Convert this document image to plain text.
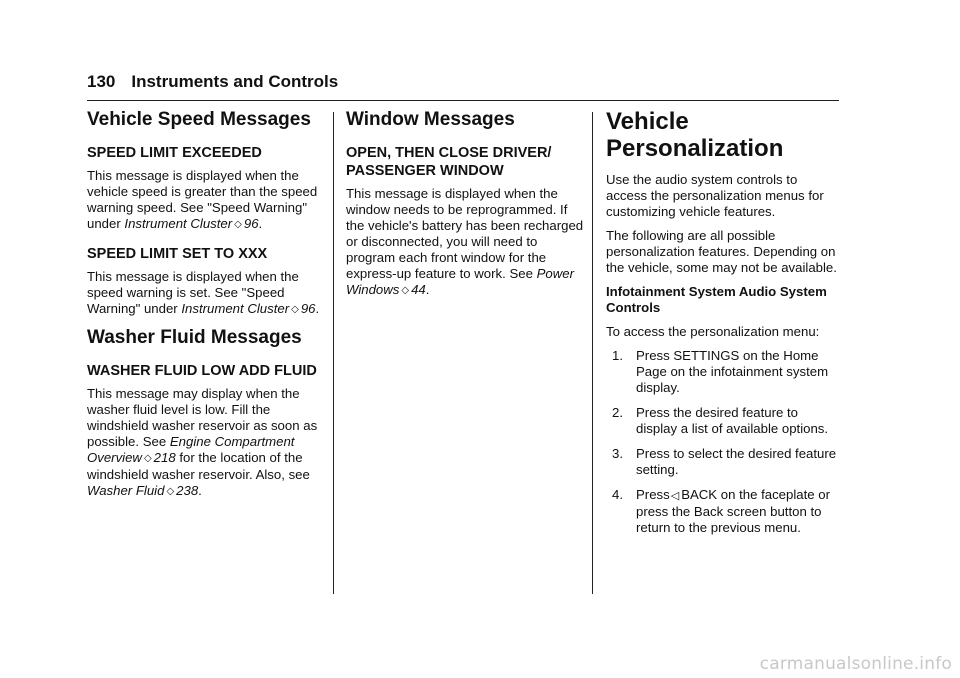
130 Instruments and Controls
Vehicle Speed Messages
SPEED LIMIT EXCEEDED

This message is displayed when the vehicle speed is greater than the speed warning speed. See "Speed Warning" under Instrument Cluster ◇ 96.

SPEED LIMIT SET TO XXX

This message is displayed when the speed warning is set. See "Speed Warning" under Instrument Cluster ◇ 96.

Washer Fluid Messages
WASHER FLUID LOW ADD FLUID

This message may display when the washer fluid level is low. Fill the windshield washer reservoir as soon as possible. See Engine Compartment Overview ◇ 218 for the location of the windshield washer reservoir. Also, see Washer Fluid ◇ 238.

Window Messages
OPEN, THEN CLOSE DRIVER/ PASSENGER WINDOW

This message is displayed when the window needs to be reprogrammed. If the vehicle's battery has been recharged or disconnected, you will need to program each front window for the express-up feature to work. See Power Windows ◇ 44.

Vehicle Personalization

Use the audio system controls to access the personalization menus for customizing vehicle features.

The following are all possible personalization features. Depending on the vehicle, some may not be available.

Infotainment System Audio System Controls

To access the personalization menu:

1. Press SETTINGS on the Home Page on the infotainment system display.
2. Press the desired feature to display a list of available options.
3. Press to select the desired feature setting.
4. Press◁ BACK on the faceplate or press the Back screen button to return to the previous menu.
carmanualsonline.info
